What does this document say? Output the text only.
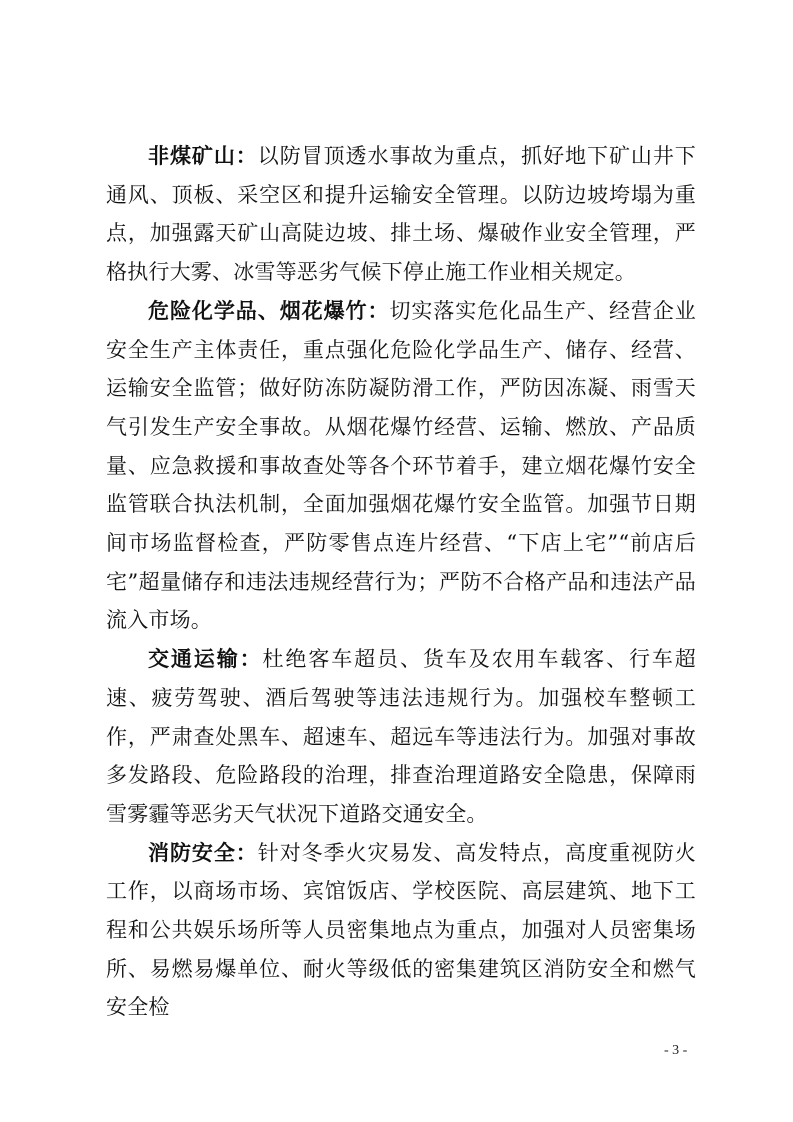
非煤矿山：以防冒顶透水事故为重点，抓好地下矿山井下通风、顶板、采空区和提升运输安全管理。以防边坡垮塌为重点，加强露天矿山高陡边坡、排土场、爆破作业安全管理，严格执行大雾、冰雪等恶劣气候下停止施工作业相关规定。

危险化学品、烟花爆竹：切实落实危化品生产、经营企业安全生产主体责任，重点强化危险化学品生产、储存、经营、运输安全监管；做好防冻防凝防滑工作，严防因冻凝、雨雪天气引发生产安全事故。从烟花爆竹经营、运输、燃放、产品质量、应急救援和事故查处等各个环节着手，建立烟花爆竹安全监管联合执法机制，全面加强烟花爆竹安全监管。加强节日期间市场监督检查，严防零售点连片经营、“下店上宅”“前店后宅”超量储存和违法违规经营行为；严防不合格产品和违法产品流入市场。

交通运输：杜绝客车超员、货车及农用车载客、行车超速、疲劳驾驶、酒后驾驶等违法违规行为。加强校车整顿工作，严肃查处黑车、超速车、超远车等违法行为。加强对事故多发路段、危险路段的治理，排查治理道路安全隐患，保障雨雪雾霾等恶劣天气状况下道路交通安全。

消防安全：针对冬季火灾易发、高发特点，高度重视防火工作，以商场市场、宾馆饭店、学校医院、高层建筑、地下工程和公共娱乐场所等人员密集地点为重点，加强对人员密集场所、易燃易爆单位、耐火等级低的密集建筑区消防安全和燃气安全检

- 3 -
